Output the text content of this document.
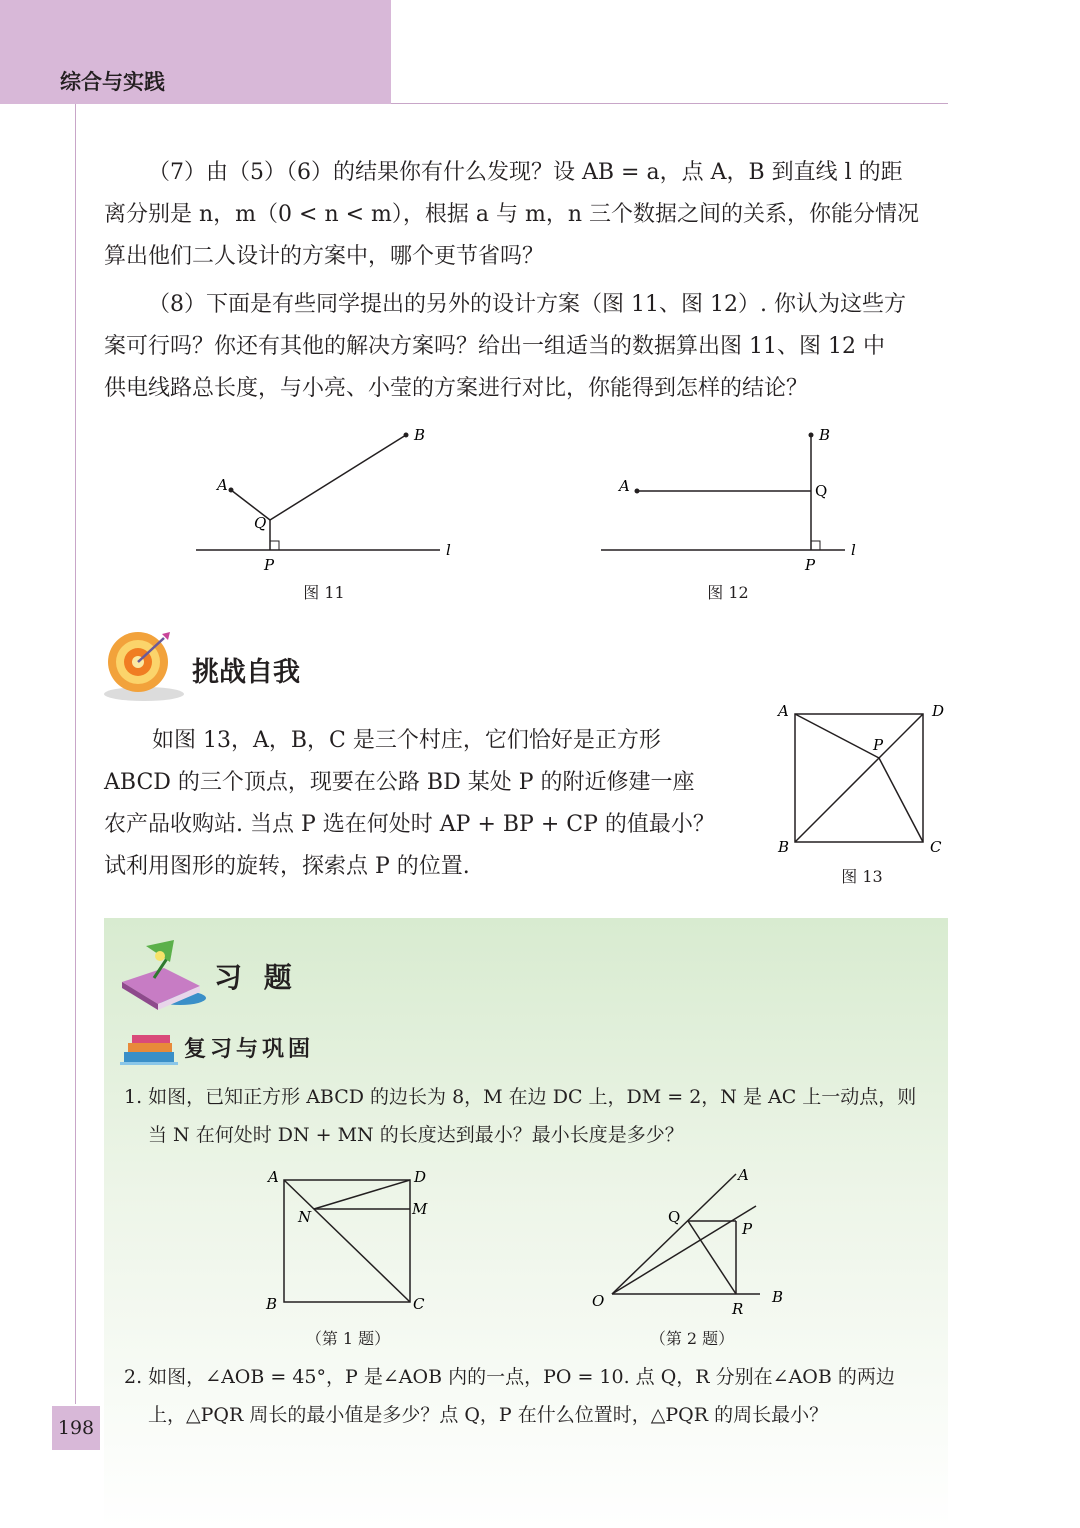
综合与实践
（7）由（5）（6）的结果你有什么发现？设 AB = a，点 A，B 到直线 l 的距
离分别是 n，m（0 < n < m），根据 a 与 m，n 三个数据之间的关系，你能分情况
算出他们二人设计的方案中，哪个更节省吗？
（8）下面是有些同学提出的另外的设计方案（图 11、图 12）. 你认为这些方
案可行吗？你还有其他的解决方案吗？给出一组适当的数据算出图 11、图 12 中
供电线路总长度，与小亮、小莹的方案进行对比，你能得到怎样的结论？
A
B
Q
P
l
图 11
A
B
Q
P
l
图 12
挑战自我
如图 13，A，B，C 是三个村庄，它们恰好是正方形
ABCD 的三个顶点，现要在公路 BD 某处 P 的附近修建一座
农产品收购站. 当点 P 选在何处时 AP + BP + CP 的值最小？
试利用图形的旋转，探索点 P 的位置.
A	D
P
B	C
图 13
习 题
复习与巩固
1. 如图，已知正方形 ABCD 的边长为 8，M 在边 DC 上，DM = 2，N 是 AC 上一动点，则
当 N 在何处时 DN + MN 的长度达到最小？最小长度是多少？
A	D
M
N
B	C
（第 1 题）
O
A
B
Q
P
R
（第 2 题）
2. 如图，∠AOB = 45°，P 是∠AOB 内的一点，PO = 10. 点 Q，R 分别在∠AOB 的两边
上，△PQR 周长的最小值是多少？点 Q，P 在什么位置时，△PQR 的周长最小？
198
